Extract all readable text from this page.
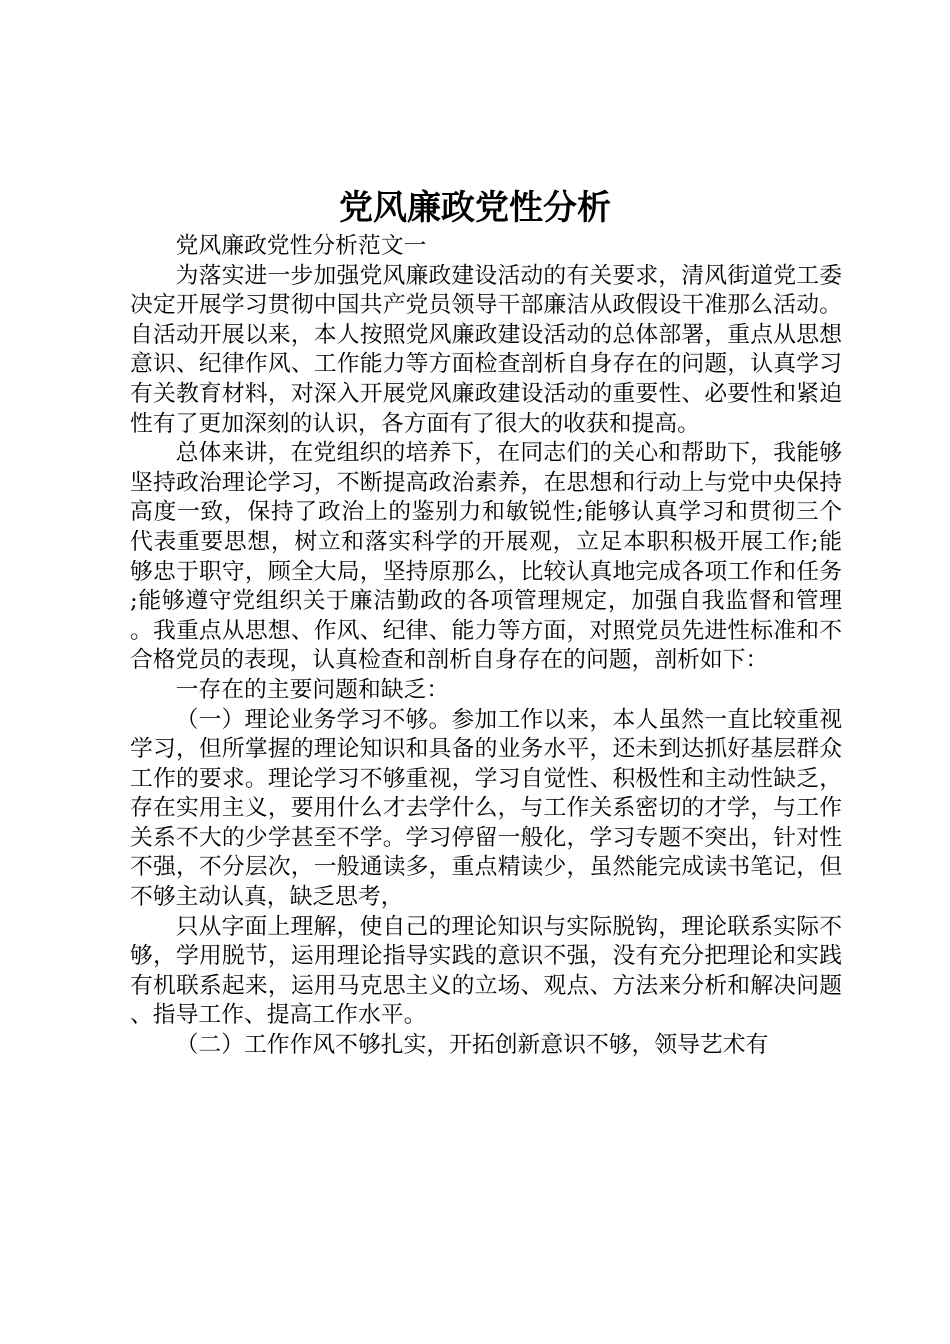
党风廉政党性分析

党风廉政党性分析范文一

为落实进一步加强党风廉政建设活动的有关要求，清风街道党工委决定开展学习贯彻中国共产党员领导干部廉洁从政假设干准那么活动。自活动开展以来，本人按照党风廉政建设活动的总体部署，重点从思想意识、纪律作风、工作能力等方面检查剖析自身存在的问题，认真学习有关教育材料，对深入开展党风廉政建设活动的重要性、必要性和紧迫性有了更加深刻的认识，各方面有了很大的收获和提高。

总体来讲，在党组织的培养下，在同志们的关心和帮助下，我能够坚持政治理论学习，不断提高政治素养，在思想和行动上与党中央保持高度一致，保持了政治上的鉴别力和敏锐性;能够认真学习和贯彻三个代表重要思想，树立和落实科学的开展观，立足本职积极开展工作;能够忠于职守，顾全大局，坚持原那么，比较认真地完成各项工作和任务;能够遵守党组织关于廉洁勤政的各项管理规定，加强自我监督和管理。我重点从思想、作风、纪律、能力等方面，对照党员先进性标准和不合格党员的表现，认真检查和剖析自身存在的问题，剖析如下：

一存在的主要问题和缺乏：

（一）理论业务学习不够。参加工作以来，本人虽然一直比较重视学习，但所掌握的理论知识和具备的业务水平，还未到达抓好基层群众工作的要求。理论学习不够重视，学习自觉性、积极性和主动性缺乏，存在实用主义，要用什么才去学什么，与工作关系密切的才学，与工作关系不大的少学甚至不学。学习停留一般化，学习专题不突出，针对性不强，不分层次，一般通读多，重点精读少，虽然能完成读书笔记，但不够主动认真，缺乏思考，

只从字面上理解，使自己的理论知识与实际脱钩，理论联系实际不够，学用脱节，运用理论指导实践的意识不强，没有充分把理论和实践有机联系起来，运用马克思主义的立场、观点、方法来分析和解决问题、指导工作、提高工作水平。

（二）工作作风不够扎实，开拓创新意识不够，领导艺术有
